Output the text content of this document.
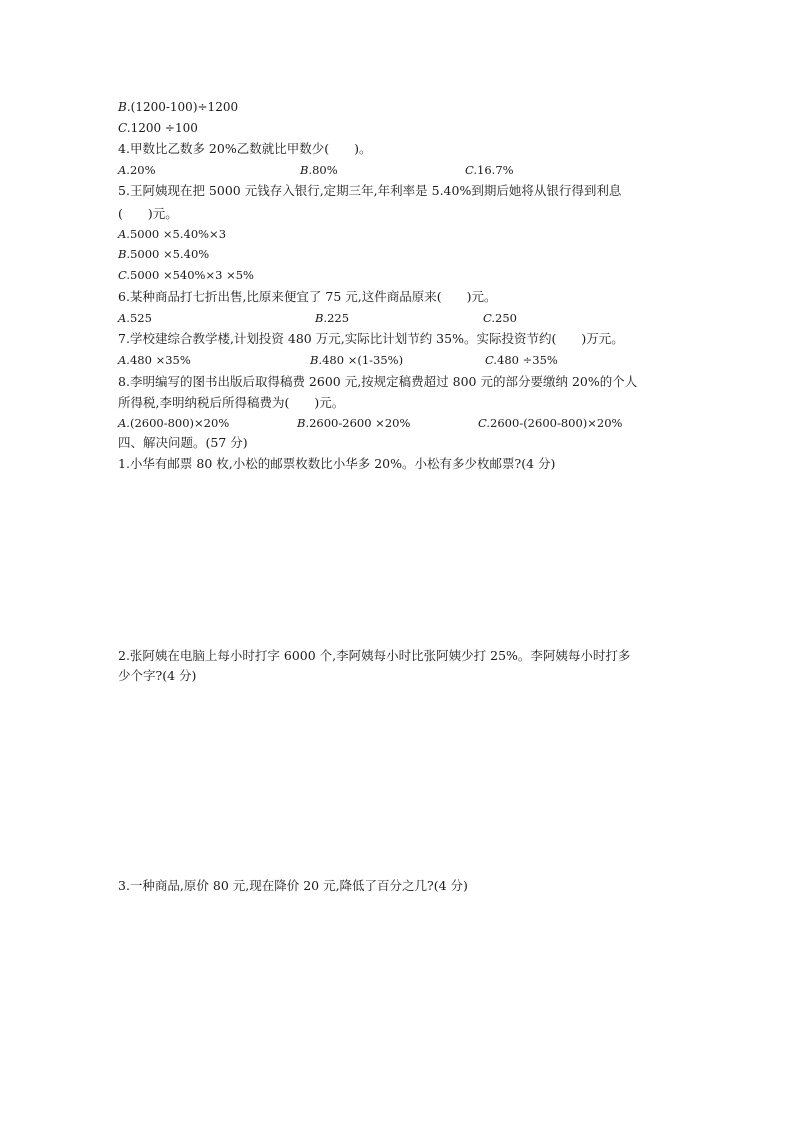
B.(1200-100)÷1200
C.1200 ÷100
4.甲数比乙数多 20%乙数就比甲数少(　　)。
A.20%	B.80%	C.16.7%
5.王阿姨现在把 5000 元钱存入银行,定期三年,年利率是 5.40%到期后她将从银行得到利息
(　　)元。
A.5000 ×5.40%×3
B.5000 ×5.40%
C.5000 ×540%×3 ×5%
6.某种商品打七折出售,比原来便宜了 75 元,这件商品原来(　　)元。
A.525	B.225	C.250
7.学校建综合教学楼,计划投资 480 万元,实际比计划节约 35%。实际投资节约(　　)万元。
A.480 ×35%	B.480 ×(1-35%)	C.480 ÷35%
8.李明编写的图书出版后取得稿费 2600 元,按规定稿费超过 800 元的部分要缴纳 20%的个人
所得税,李明纳税后所得稿费为(　　)元。
A.(2600-800)×20%	B.2600-2600 ×20%	C.2600-(2600-800)×20%
四、解决问题。(57 分)
1.小华有邮票 80 枚,小松的邮票枚数比小华多 20%。小松有多少枚邮票?(4 分)
2.张阿姨在电脑上每小时打字 6000 个,李阿姨每小时比张阿姨少打 25%。李阿姨每小时打多
少个字?(4 分)
3.一种商品,原价 80 元,现在降价 20 元,降低了百分之几?(4 分)
